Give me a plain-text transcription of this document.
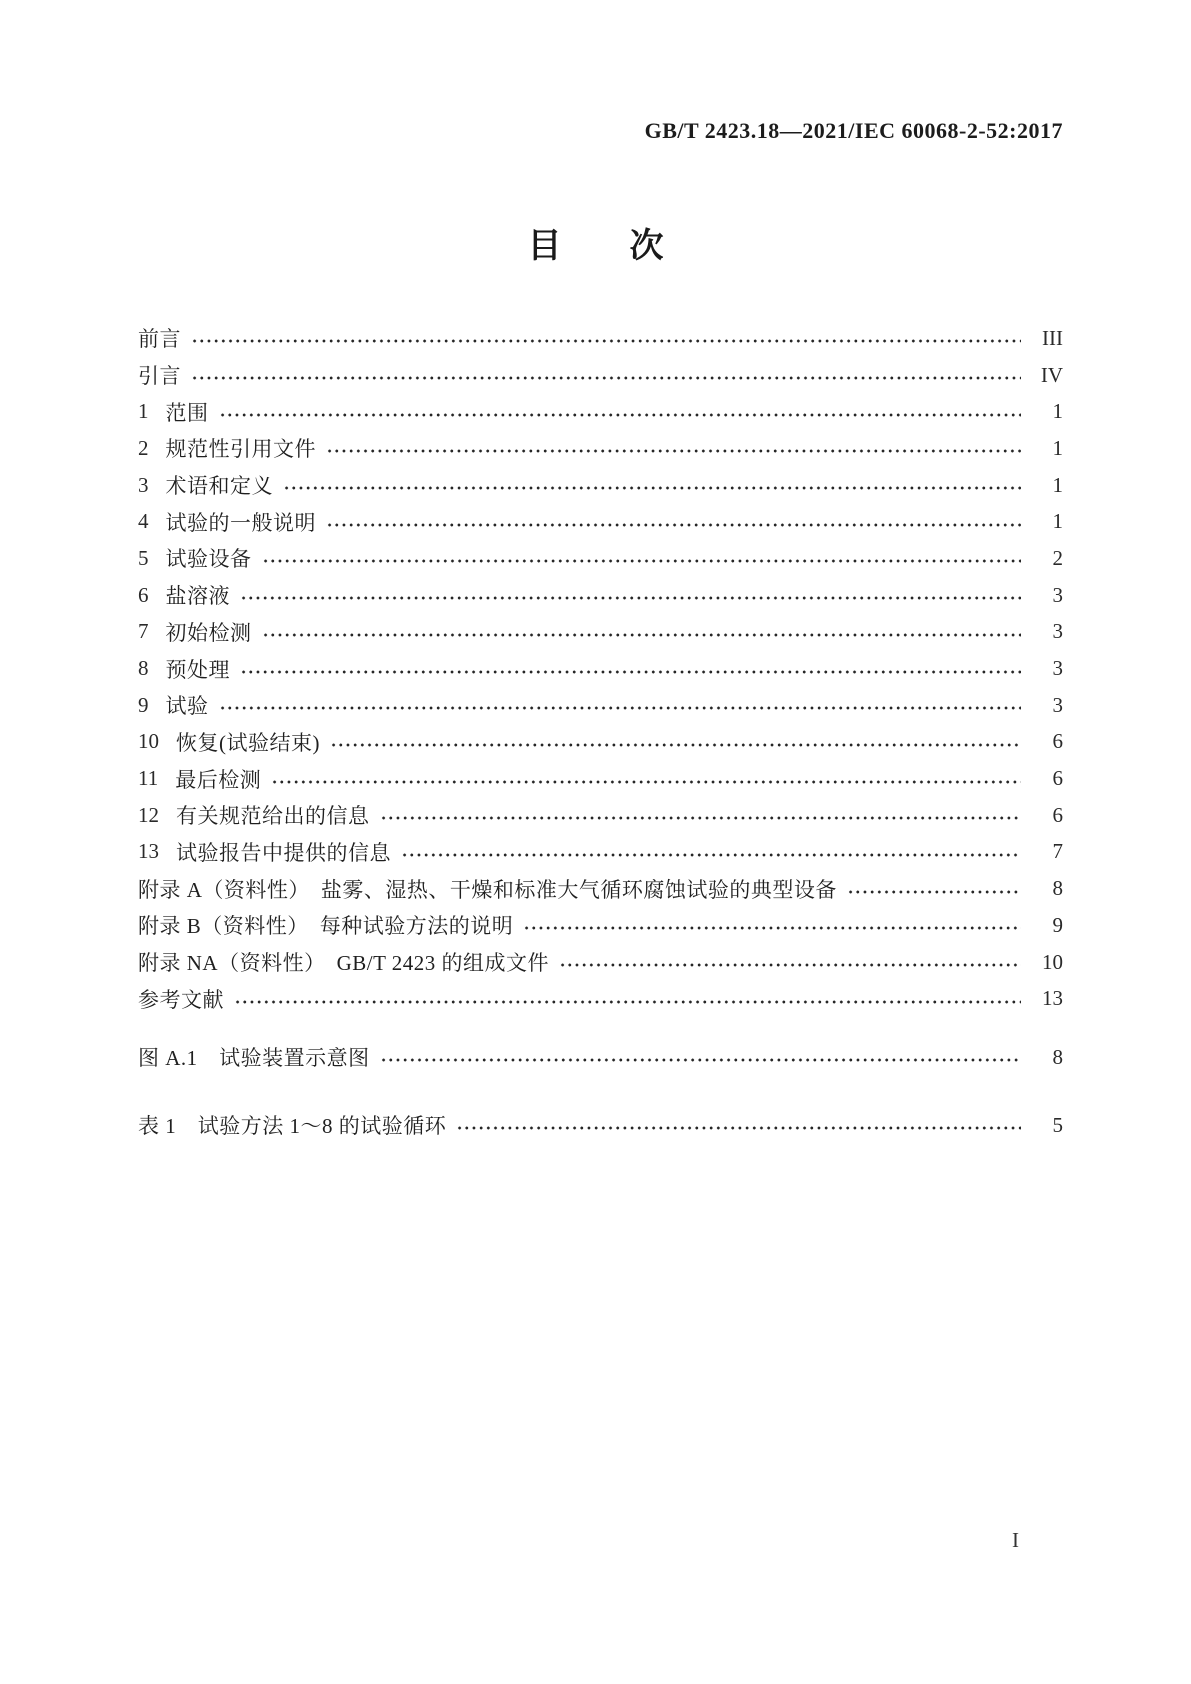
GB/T 2423.18—2021/IEC 60068-2-52:2017
目　　次
前言	III
引言	IV
1 范围	1
2 规范性引用文件	1
3 术语和定义	1
4 试验的一般说明	1
5 试验设备	2
6 盐溶液	3
7 初始检测	3
8 预处理	3
9 试验	3
10 恢复(试验结束)	6
11 最后检测	6
12 有关规范给出的信息	6
13 试验报告中提供的信息	7
附录 A（资料性）　盐雾、湿热、干燥和标准大气循环腐蚀试验的典型设备	8
附录 B（资料性）　每种试验方法的说明	9
附录 NA（资料性）　GB/T 2423 的组成文件	10
参考文献	13
图 A.1　试验装置示意图	8
表 1　试验方法 1～8 的试验循环	5
I
